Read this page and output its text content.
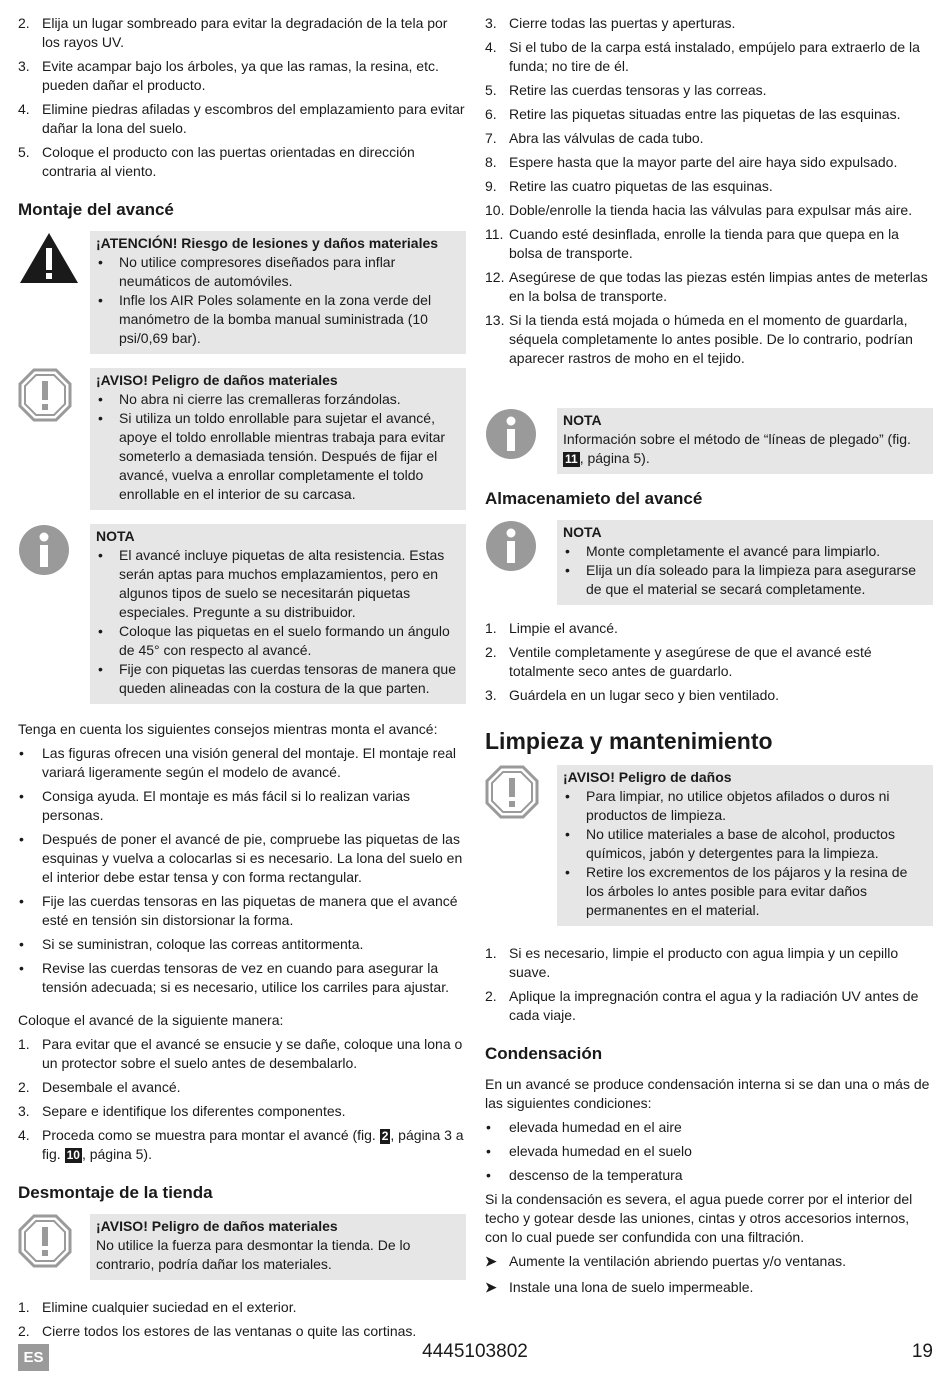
2. Elija un lugar sombreado para evitar la degradación de la tela por los rayos UV.
3. Evite acampar bajo los árboles, ya que las ramas, la resina, etc. pueden dañar el producto.
4. Elimine piedras afiladas y escombros del emplazamiento para evitar dañar la lona del suelo.
5. Coloque el producto con las puertas orientadas en dirección contraria al viento.
Montaje del avancé
¡ATENCIÓN! Riesgo de lesiones y daños materiales
• No utilice compresores diseñados para inflar neumáticos de automóviles.
• Infle los AIR Poles solamente en la zona verde del manómetro de la bomba manual suministrada (10 psi/0,69 bar).
¡AVISO! Peligro de daños materiales
• No abra ni cierre las cremalleras forzándolas.
• Si utiliza un toldo enrollable para sujetar el avancé, apoye el toldo enrollable mientras trabaja para evitar someterlo a demasiada tensión. Después de fijar el avancé, vuelva a enrollar completamente el toldo enrollable en el interior de su carcasa.
NOTA
• El avancé incluye piquetas de alta resistencia. Estas serán aptas para muchos emplazamientos, pero en algunos tipos de suelo se necesitarán piquetas especiales. Pregunte a su distribuidor.
• Coloque las piquetas en el suelo formando un ángulo de 45° con respecto al avancé.
• Fije con piquetas las cuerdas tensoras de manera que queden alineadas con la costura de la que parten.

Tenga en cuenta los siguientes consejos mientras monta el avancé:

• Las figuras ofrecen una visión general del montaje. El montaje real variará ligeramente según el modelo de avancé.
• Consiga ayuda. El montaje es más fácil si lo realizan varias personas.
• Después de poner el avancé de pie, compruebe las piquetas de las esquinas y vuelva a colocarlas si es necesario. La lona del suelo en el interior debe estar tensa y con forma rectangular.
• Fije las cuerdas tensoras en las piquetas de manera que el avancé esté en tensión sin distorsionar la forma.
• Si se suministran, coloque las correas antitormenta.
• Revise las cuerdas tensoras de vez en cuando para asegurar la tensión adecuada; si es necesario, utilice los carriles para ajustar.

Coloque el avancé de la siguiente manera:

1. Para evitar que el avancé se ensucie y se dañe, coloque una lona o un protector sobre el suelo antes de desembalarlo.
2. Desembale el avancé.
3. Separe e identifique los diferentes componentes.
4. Proceda como se muestra para montar el avancé (fig. 2 , página 3 a fig. 10 , página 5).
Desmontaje de la tienda
¡AVISO! Peligro de daños materiales
No utilice la fuerza para desmontar la tienda. De lo contrario, podría dañar los materiales.
1. Elimine cualquier suciedad en el exterior.
2. Cierre todos los estores de las ventanas o quite las cortinas.
3. Cierre todas las puertas y aperturas.
4. Si el tubo de la carpa está instalado, empújelo para extraerlo de la funda; no tire de él.
5. Retire las cuerdas tensoras y las correas.
6. Retire las piquetas situadas entre las piquetas de las esquinas.
7. Abra las válvulas de cada tubo.
8. Espere hasta que la mayor parte del aire haya sido expulsado.
9. Retire las cuatro piquetas de las esquinas.
10. Doble/enrolle la tienda hacia las válvulas para expulsar más aire.
11. Cuando esté desinflada, enrolle la tienda para que quepa en la bolsa de transporte.
12. Asegúrese de que todas las piezas estén limpias antes de meterlas en la bolsa de transporte.
13. Si la tienda está mojada o húmeda en el momento de guardarla, séquela completamente lo antes posible. De lo contrario, podrían aparecer rastros de moho en el tejido.
NOTA
Información sobre el método de “líneas de plegado” (fig. 11 , página 5).
Almacenamieto del avancé
NOTA
• Monte completamente el avancé para limpiarlo.
• Elija un día soleado para la limpieza para asegurarse de que el material se secará completamente.
1. Limpie el avancé.
2. Ventile completamente y asegúrese de que el avancé esté totalmente seco antes de guardarlo.
3. Guárdela en un lugar seco y bien ventilado.
Limpieza y mantenimiento
¡AVISO! Peligro de daños
• Para limpiar, no utilice objetos afilados o duros ni productos de limpieza.
• No utilice materiales a base de alcohol, productos químicos, jabón y detergentes para la limpieza.
• Retire los excrementos de los pájaros y la resina de los árboles lo antes posible para evitar daños permanentes en el material.
1. Si es necesario, limpie el producto con agua limpia y un cepillo suave.
2. Aplique la impregnación contra el agua y la radiación UV antes de cada viaje.
Condensación

En un avancé se produce condensación interna si se dan una o más de las siguientes condiciones:

• elevada humedad en el aire
• elevada humedad en el suelo
• descenso de la temperatura

Si la condensación es severa, el agua puede correr por el interior del techo y gotear desde las uniones, cintas y otros accesorios internos, con lo cual puede ser confundida con una filtración.

➤ Aumente la ventilación abriendo puertas y/o ventanas.
➤ Instale una lona de suelo impermeable.
ES	4445103802	19
